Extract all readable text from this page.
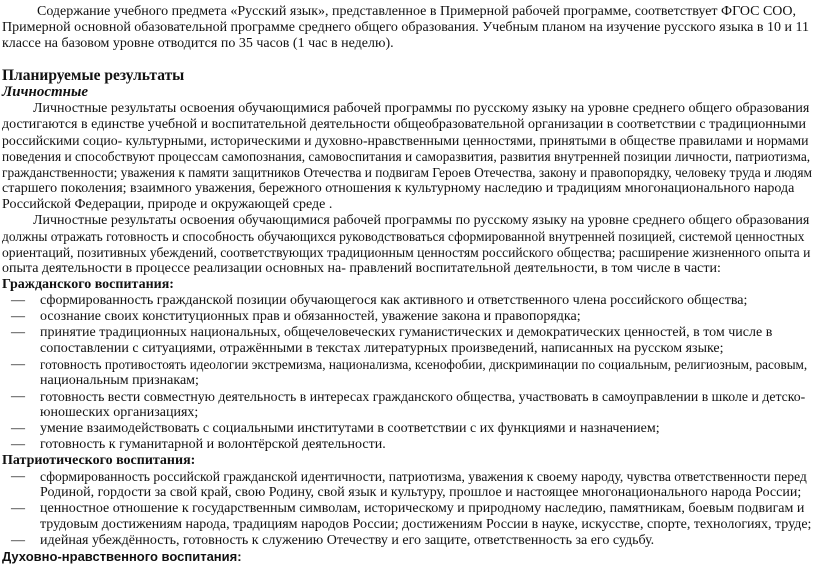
Содержание учебного предмета «Русский язык», представленное в Примерной рабочей программе, соответствует ФГОС СОО,
Примерной основной обазовательной программе среднего общего образования. Учебным планом на изучение русского языка в 10 и 11
классе на базовом уровне отводится по 35 часов (1 час в неделю).
Планируемые результаты
Личностные
Личностные результаты освоения обучающимися рабочей программы по русскому языку на уровне среднего общего образования
достигаются в единстве учебной и воспитательной деятельности общеобразовательной организации в соответствии с традиционными
российскими социо- культурными, историческими и духовно-нравственными ценностями, принятыми в обществе правилами и нормами
поведения и способствуют процессам самопознания, самовоспитания и саморазвития, развития внутренней позиции личности, патриотизма,
гражданственности; уважения к памяти защитников Отечества и подвигам Героев Отечества, закону и правопорядку, человеку труда и людям
старшего поколения; взаимного уважения, бережного отношения к культурному наследию и традициям многонационального народа
Российской Федерации, природе и окружающей среде .
Личностные результаты освоения обучающимися рабочей программы по русскому языку на уровне среднего общего образования
должны отражать готовность и способность обучающихся руководствоваться сформированной внутренней позицией, системой ценностных
ориентаций, позитивных убеждений, соответствующих традиционным ценностям российского общества; расширение жизненного опыта и
опыта деятельности в процессе реализации основных на- правлений воспитательной деятельности, в том числе в части:
Гражданского воспитания:
— сформированность гражданской позиции обучающегося как активного и ответственного члена российского общества;
— осознание своих конституционных прав и обязанностей, уважение закона и правопорядка;
— принятие традиционных национальных, общечеловеческих гуманистических и демократических ценностей, в том числе в
сопоставлении с ситуациями, отражёнными в текстах литературных произведений, написанных на русском языке;
— готовность противостоять идеологии экстремизма, национализма, ксенофобии, дискриминации по социальным, религиозным, расовым,
национальным признакам;
— готовность вести совместную деятельность в интересах гражданского общества, участвовать в самоуправлении в школе и детско-
юношеских организациях;
— умение взаимодействовать с социальными институтами в соответствии с их функциями и назначением;
— готовность к гуманитарной и волонтёрской деятельности.
Патриотического воспитания:
— сформированность российской гражданской идентичности, патриотизма, уважения к своему народу, чувства ответственности перед
Родиной, гордости за свой край, свою Родину, свой язык и культуру, прошлое и настоящее многонационального народа России;
— ценностное отношение к государственным символам, историческому и природному наследию, памятникам, боевым подвигам и
трудовым достижениям народа, традициям народов России; достижениям России в науке, искусстве, спорте, технологиях, труде;
— идейная убеждённость, готовность к служению Отечеству и его защите, ответственность за его судьбу.
Духовно-нравственного воспитания:
